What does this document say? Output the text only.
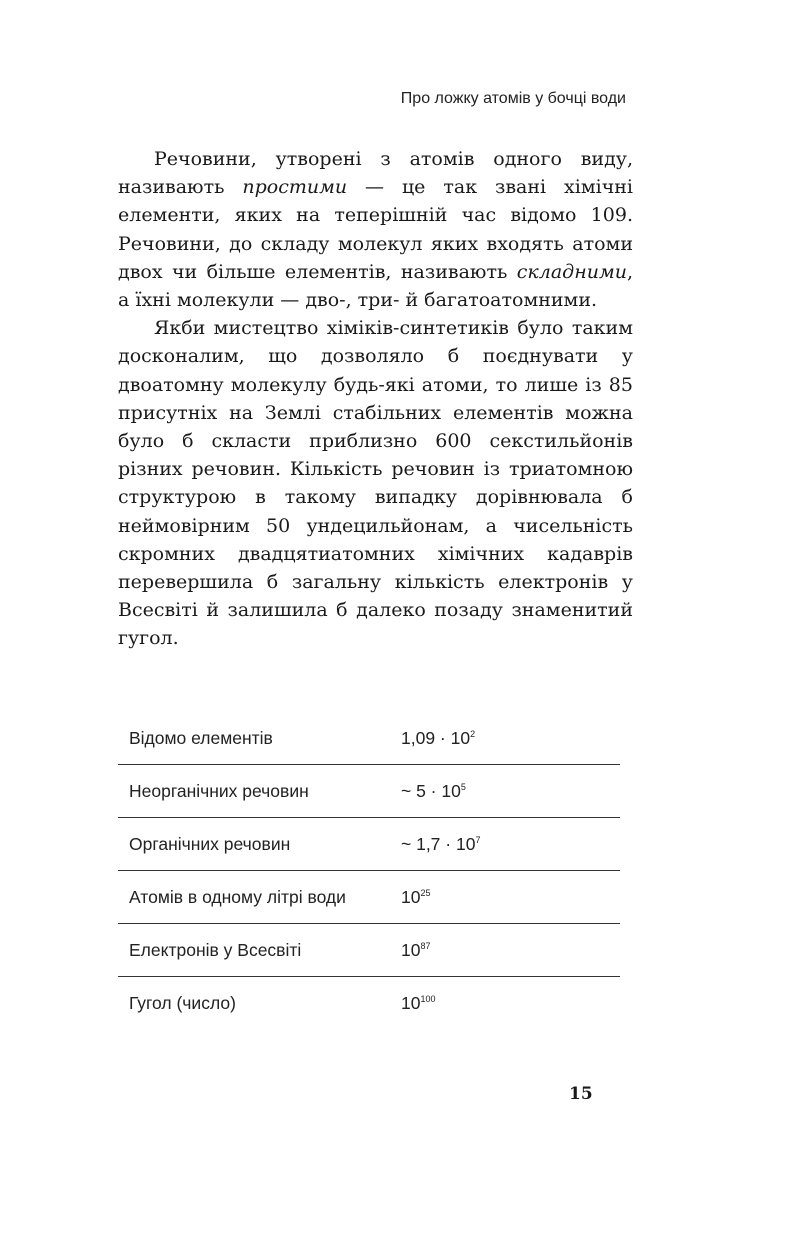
Про ложку атомів у бочці води

Речовини, утворені з атомів одного виду, називають простими — це так звані хімічні елементи, яких на теперішній час відомо 109. Речовини, до складу молекул яких входять атоми двох чи більше елементів, називають складними, а їхні молекули — дво-, три- й багатоатомними.

Якби мистецтво хіміків-синтетиків було таким досконалим, що дозволяло б поєднувати у двоатомну молекулу будь-які атоми, то лише із 85 присутніх на Землі стабільних елементів можна було б скласти приблизно 600 секстильйонів різних речовин. Кількість речовин із триатомною структурою в такому випадку дорівнювала б неймовірним 50 ундецильйонам, а чисельність скромних двадцятиатомних хімічних кадаврів перевершила б загальну кількість електронів у Всесвіті й залишила б далеко позаду знаменитий гугол.

Відомо елементів	$1,09 \cdot 10^2$
Неорганічних речовин	~ $5 \cdot 10^5$
Органічних речовин	~ $1,7 \cdot 10^7$
Атомів в одному літрі води	$10^{25}$
Електронів у Всесвіті	$10^{87}$
Гугол (число)	$10^{100}$
15
